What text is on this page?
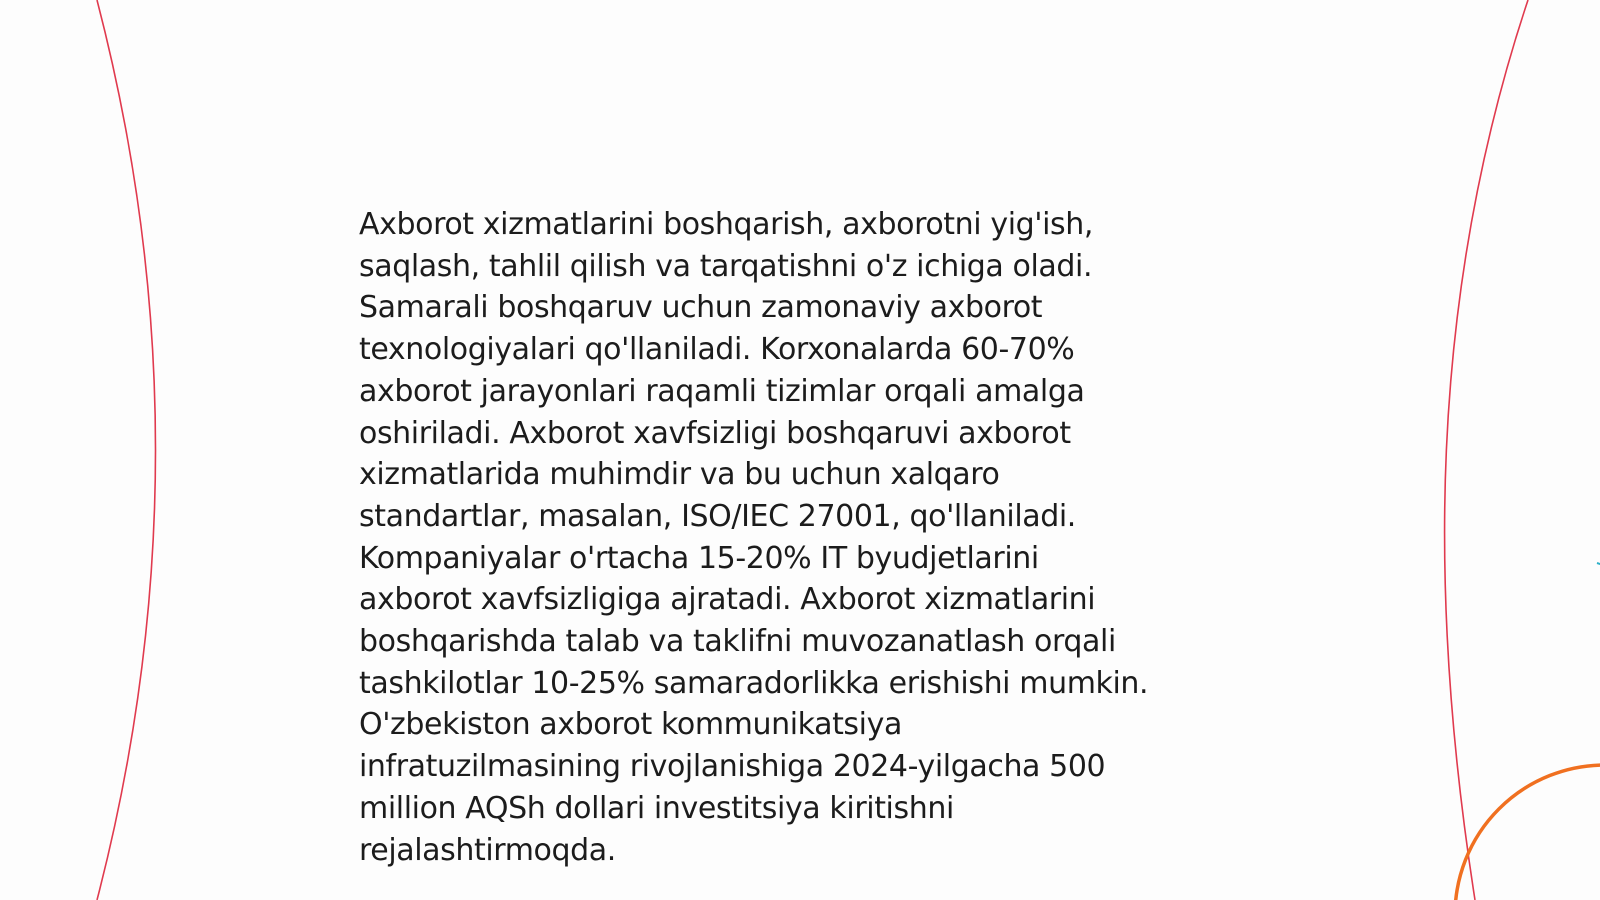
Axborot xizmatlarini boshqarish, axborotni yig'ish,
saqlash, tahlil qilish va tarqatishni o'z ichiga oladi.
Samarali boshqaruv uchun zamonaviy axborot
texnologiyalari qo'llaniladi. Korxonalarda 60-70%
axborot jarayonlari raqamli tizimlar orqali amalga
oshiriladi. Axborot xavfsizligi boshqaruvi axborot
xizmatlarida muhimdir va bu uchun xalqaro
standartlar, masalan, ISO/IEC 27001, qo'llaniladi.
Kompaniyalar o'rtacha 15-20% IT byudjetlarini
axborot xavfsizligiga ajratadi. Axborot xizmatlarini
boshqarishda talab va taklifni muvozanatlash orqali
tashkilotlar 10-25% samaradorlikka erishishi mumkin.
O'zbekiston axborot kommunikatsiya
infratuzilmasining rivojlanishiga 2024-yilgacha 500
million AQSh dollari investitsiya kiritishni
rejalashtirmoqda.
